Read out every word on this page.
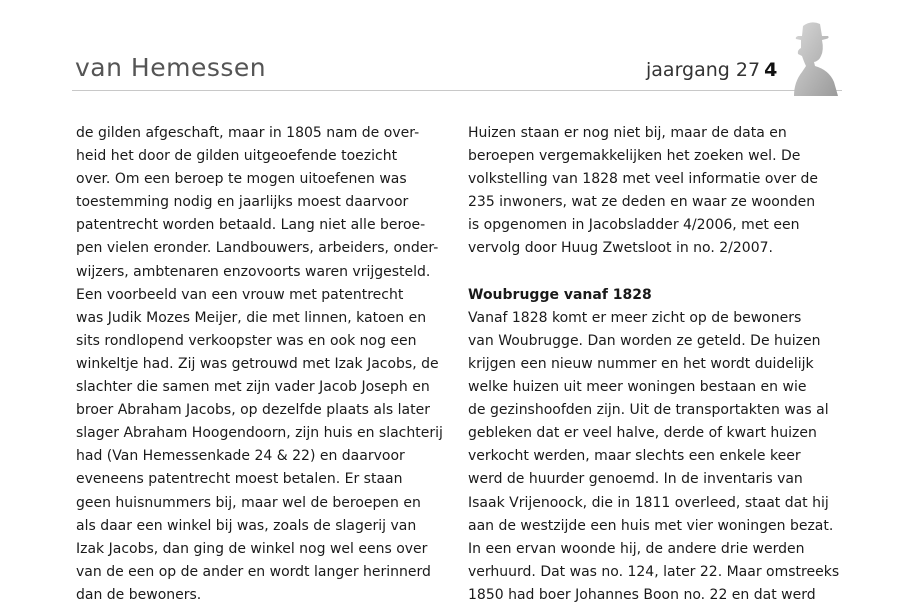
van Hemessen	jaargang 27 4
de gilden afgeschaft, maar in 1805 nam de over-
heid het door de gilden uitgeoefende toezicht
over. Om een beroep te mogen uitoefenen was
toestemming nodig en jaarlijks moest daarvoor
patentrecht worden betaald. Lang niet alle beroe-
pen vielen eronder. Landbouwers, arbeiders, onder-
wijzers, ambtenaren enzovoorts waren vrijgesteld.
Een voorbeeld van een vrouw met patentrecht
was Judik Mozes Meijer, die met linnen, katoen en
sits rondlopend verkoopster was en ook nog een
winkeltje had. Zij was getrouwd met Izak Jacobs, de
slachter die samen met zijn vader Jacob Joseph en
broer Abraham Jacobs, op dezelfde plaats als later
slager Abraham Hoogendoorn, zijn huis en slachterij
had (Van Hemessenkade 24 & 22) en daarvoor
eveneens patentrecht moest betalen. Er staan
geen huisnummers bij, maar wel de beroepen en
als daar een winkel bij was, zoals de slagerij van
Izak Jacobs, dan ging de winkel nog wel eens over
van de een op de ander en wordt langer herinnerd
dan de bewoners.
Huizen staan er nog niet bij, maar de data en
beroepen vergemakkelijken het zoeken wel. De
volkstelling van 1828 met veel informatie over de
235 inwoners, wat ze deden en waar ze woonden
is opgenomen in Jacobsladder 4/2006, met een
vervolg door Huug Zwetsloot in no. 2/2007.
Woubrugge vanaf 1828
Vanaf 1828 komt er meer zicht op de bewoners
van Woubrugge. Dan worden ze geteld. De huizen
krijgen een nieuw nummer en het wordt duidelijk
welke huizen uit meer woningen bestaan en wie
de gezinshoofden zijn. Uit de transportakten was al
gebleken dat er veel halve, derde of kwart huizen
verkocht werden, maar slechts een enkele keer
werd de huurder genoemd. In de inventaris van
Isaak Vrijenoock, die in 1811 overleed, staat dat hij
aan de westzijde een huis met vier woningen bezat.
In een ervan woonde hij, de andere drie werden
verhuurd. Dat was no. 124, later 22. Maar omstreeks
1850 had boer Johannes Boon no. 22 en dat werd
